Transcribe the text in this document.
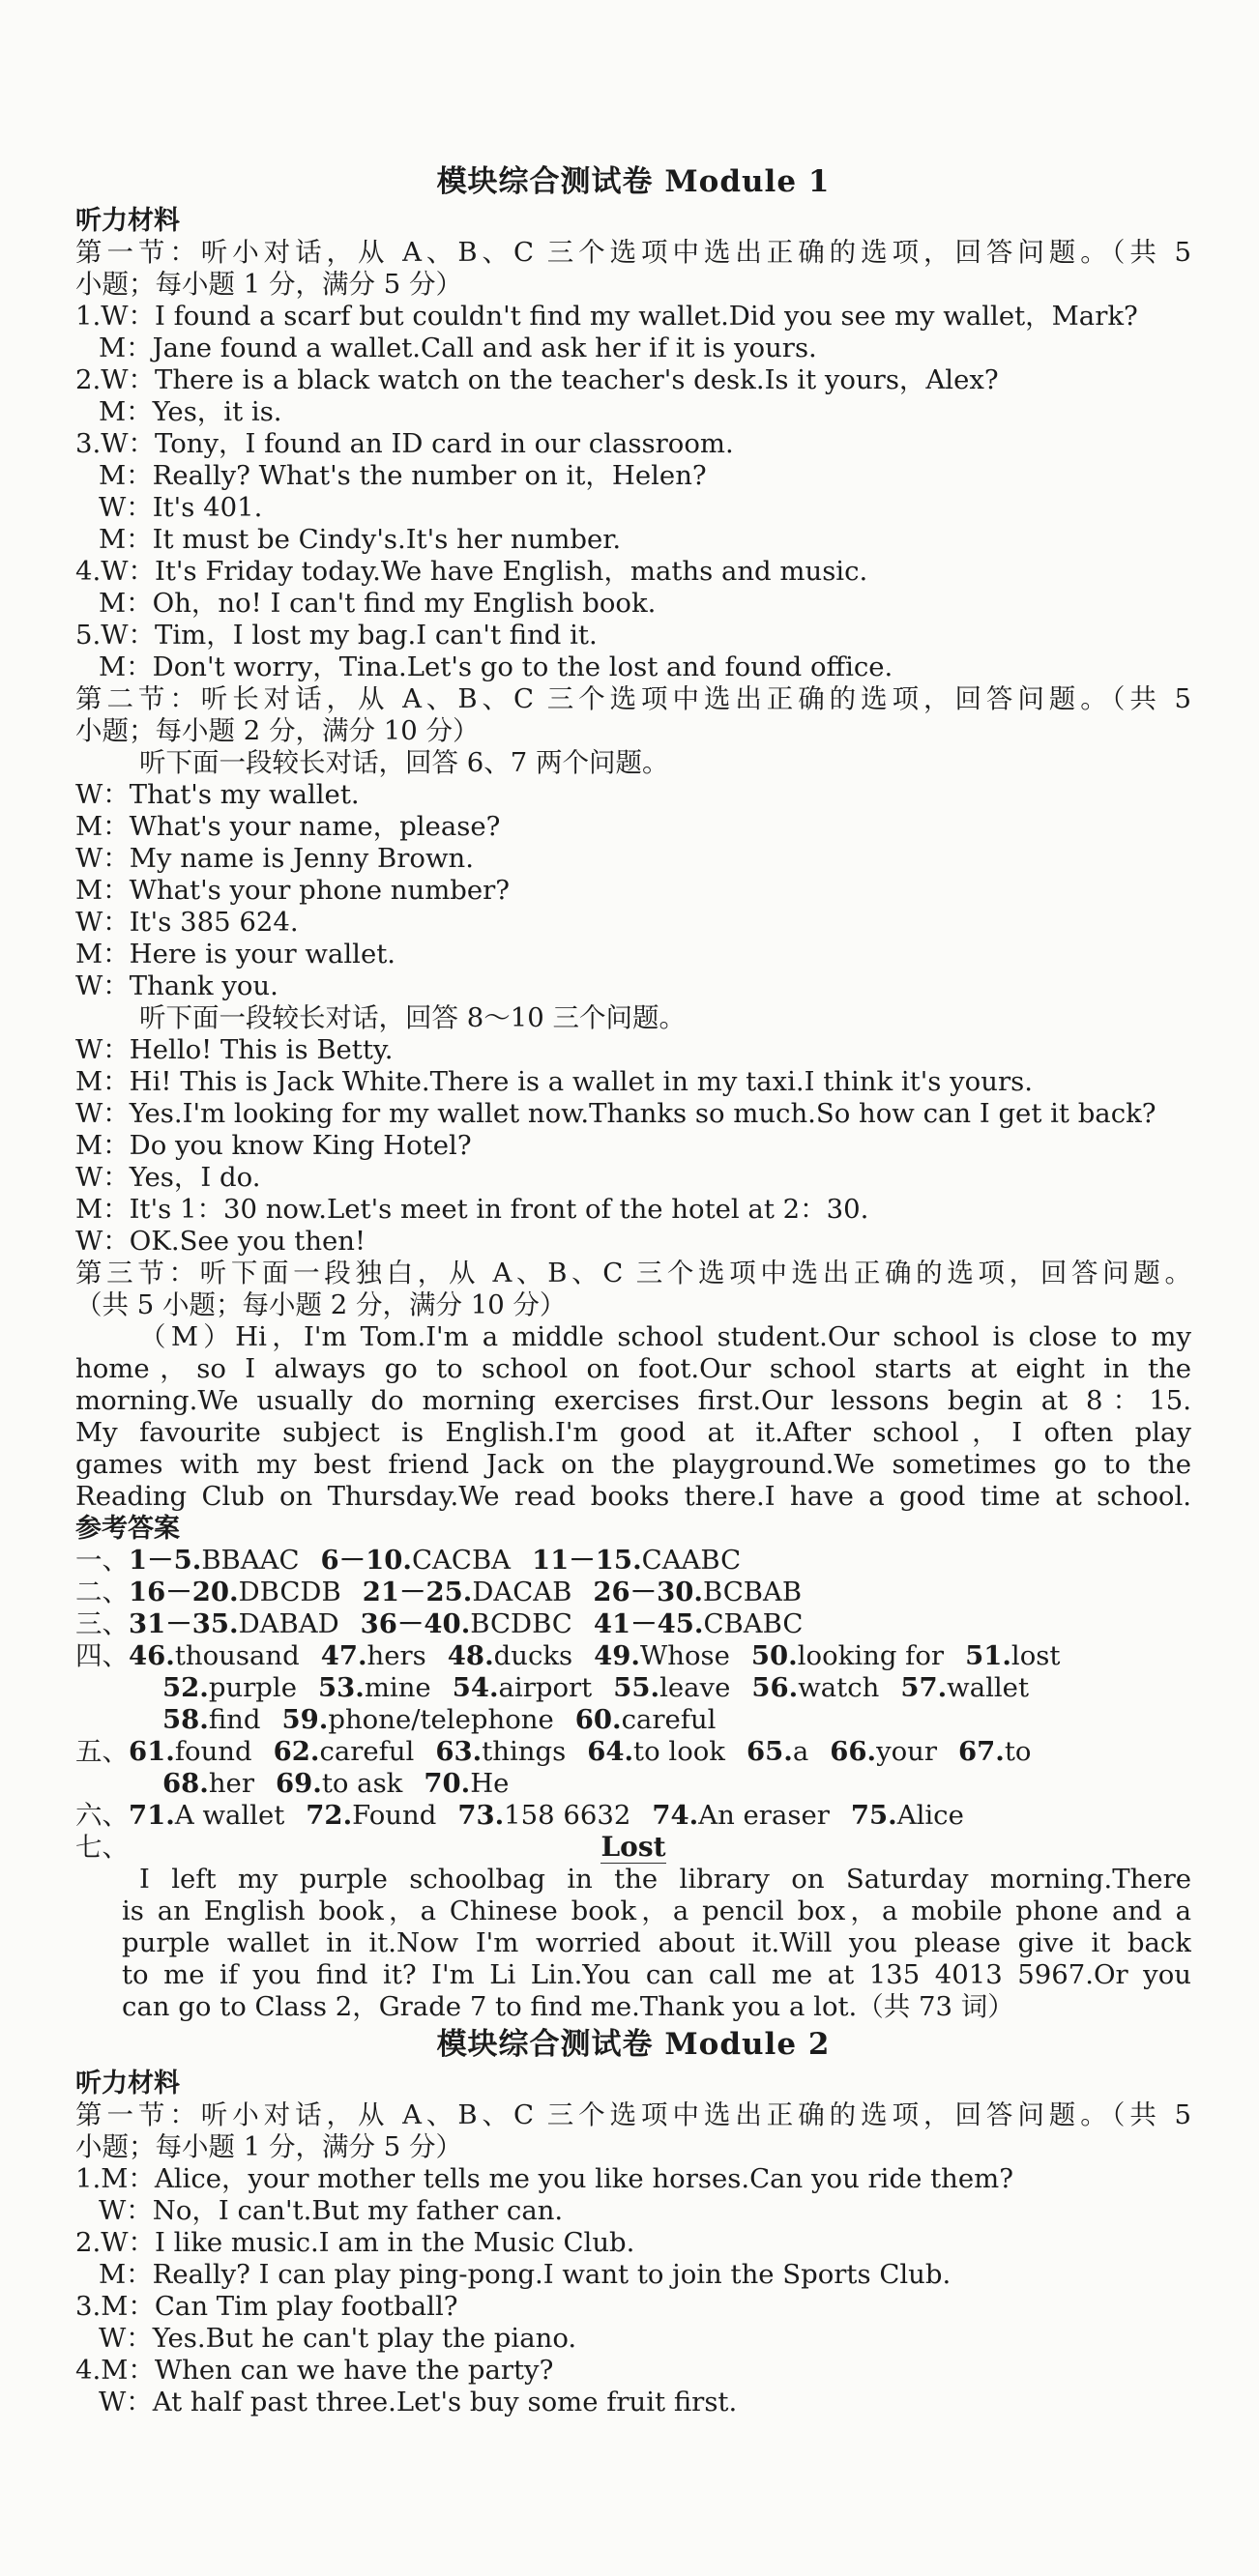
模块综合测试卷 Module 1
听力材料
第一节：听小对话，从 A、B、C 三个选项中选出正确的选项，回答问题。（共 5
小题；每小题 1 分，满分 5 分）
1.W：I found a scarf but couldn't find my wallet.Did you see my wallet，Mark?
M：Jane found a wallet.Call and ask her if it is yours.
2.W：There is a black watch on the teacher's desk.Is it yours，Alex?
M：Yes，it is.
3.W：Tony，I found an ID card in our classroom.
M：Really? What's the number on it，Helen?
W：It's 401.
M：It must be Cindy's.It's her number.
4.W：It's Friday today.We have English，maths and music.
M：Oh，no! I can't find my English book.
5.W：Tim，I lost my bag.I can't find it.
M：Don't worry，Tina.Let's go to the lost and found office.
第二节：听长对话，从 A、B、C 三个选项中选出正确的选项，回答问题。（共 5
小题；每小题 2 分，满分 10 分）
听下面一段较长对话，回答 6、7 两个问题。
W：That's my wallet.
M：What's your name，please?
W：My name is Jenny Brown.
M：What's your phone number?
W：It's 385 624.
M：Here is your wallet.
W：Thank you.
听下面一段较长对话，回答 8～10 三个问题。
W：Hello! This is Betty.
M：Hi! This is Jack White.There is a wallet in my taxi.I think it's yours.
W：Yes.I'm looking for my wallet now.Thanks so much.So how can I get it back?
M：Do you know King Hotel?
W：Yes，I do.
M：It's 1：30 now.Let's meet in front of the hotel at 2：30.
W：OK.See you then!
第三节：听下面一段独白，从 A、B、C 三个选项中选出正确的选项，回答问题。
（共 5 小题；每小题 2 分，满分 10 分）
（M）Hi，I'm Tom.I'm a middle school student.Our school is close to my
home，so I always go to school on foot.Our school starts at eight in the
morning.We usually do morning exercises first.Our lessons begin at 8：15.
My favourite subject is English.I'm good at it.After school，I often play
games with my best friend Jack on the playground.We sometimes go to the
Reading Club on Thursday.We read books there.I have a good time at school.
参考答案
一、1－5.BBAAC 6－10.CACBA 11－15.CAABC
二、16－20.DBCDB 21－25.DACAB 26－30.BCBAB
三、31－35.DABAD 36－40.BCDBC 41－45.CBABC
四、46.thousand 47.hers 48.ducks 49.Whose 50.looking for 51.lost
52.purple 53.mine 54.airport 55.leave 56.watch 57.wallet
58.find 59.phone/telephone 60.careful
五、61.found 62.careful 63.things 64.to look 65.a 66.your 67.to
68.her 69.to ask 70.He
六、71.A wallet 72.Found 73.158 6632 74.An eraser 75.Alice
七、	Lost
I left my purple schoolbag in the library on Saturday morning.There
is an English book，a Chinese book，a pencil box，a mobile phone and a
purple wallet in it.Now I'm worried about it.Will you please give it back
to me if you find it? I'm Li Lin.You can call me at 135 4013 5967.Or you
can go to Class 2，Grade 7 to find me.Thank you a lot.（共 73 词）
模块综合测试卷 Module 2
听力材料
第一节：听小对话，从 A、B、C 三个选项中选出正确的选项，回答问题。（共 5
小题；每小题 1 分，满分 5 分）
1.M：Alice，your mother tells me you like horses.Can you ride them?
W：No，I can't.But my father can.
2.W：I like music.I am in the Music Club.
M：Really? I can play ping-pong.I want to join the Sports Club.
3.M：Can Tim play football?
W：Yes.But he can't play the piano.
4.M：When can we have the party?
W：At half past three.Let's buy some fruit first.
